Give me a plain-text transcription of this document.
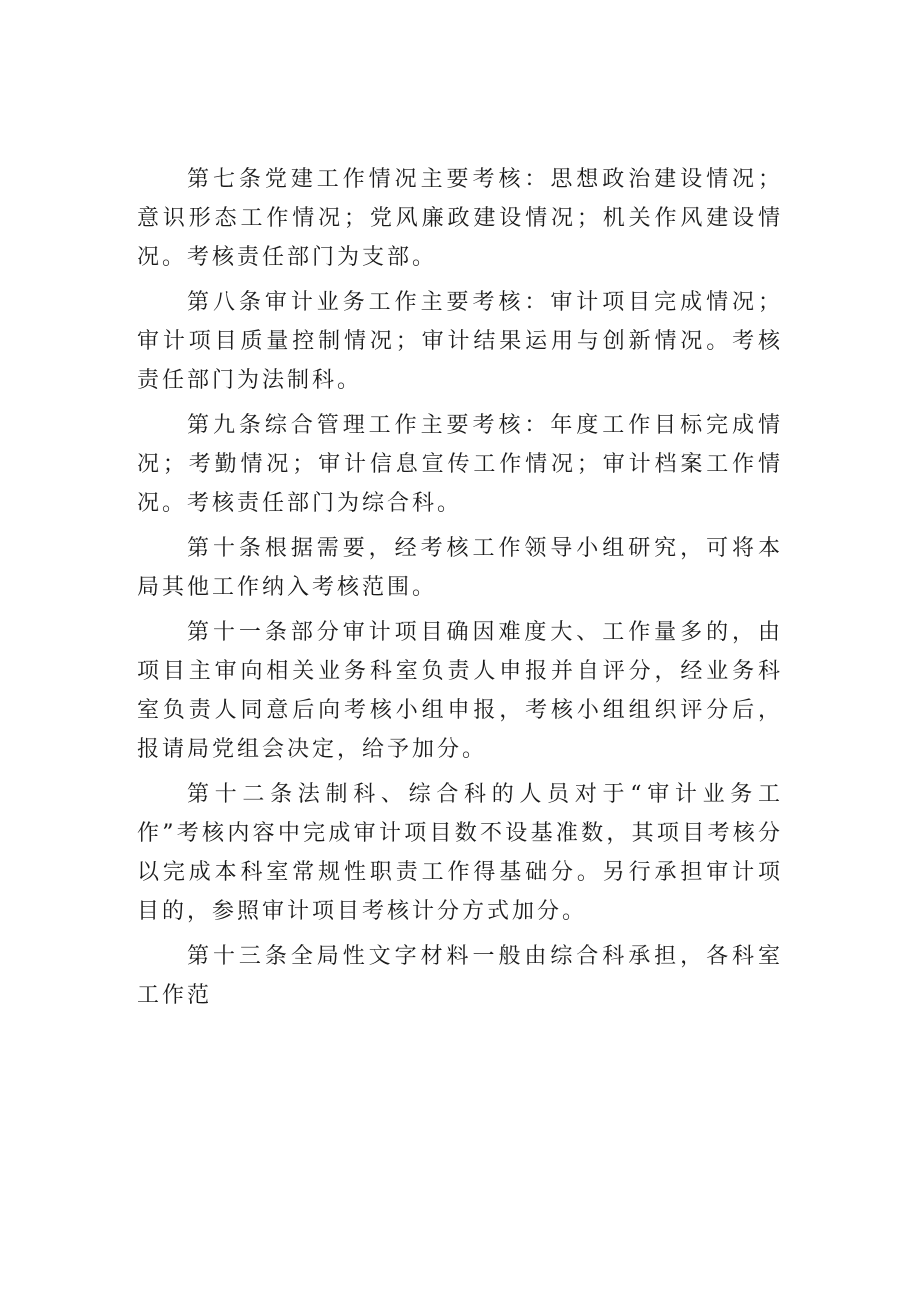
第七条党建工作情况主要考核：思想政治建设情况；意识形态工作情况；党风廉政建设情况；机关作风建设情况。考核责任部门为支部。

第八条审计业务工作主要考核：审计项目完成情况；审计项目质量控制情况；审计结果运用与创新情况。考核责任部门为法制科。

第九条综合管理工作主要考核：年度工作目标完成情况；考勤情况；审计信息宣传工作情况；审计档案工作情况。考核责任部门为综合科。

第十条根据需要，经考核工作领导小组研究，可将本局其他工作纳入考核范围。

第十一条部分审计项目确因难度大、工作量多的，由项目主审向相关业务科室负责人申报并自评分，经业务科室负责人同意后向考核小组申报，考核小组组织评分后，报请局党组会决定，给予加分。

第十二条法制科、综合科的人员对于“审计业务工作”考核内容中完成审计项目数不设基准数，其项目考核分以完成本科室常规性职责工作得基础分。另行承担审计项目的，参照审计项目考核计分方式加分。

第十三条全局性文字材料一般由综合科承担，各科室工作范
